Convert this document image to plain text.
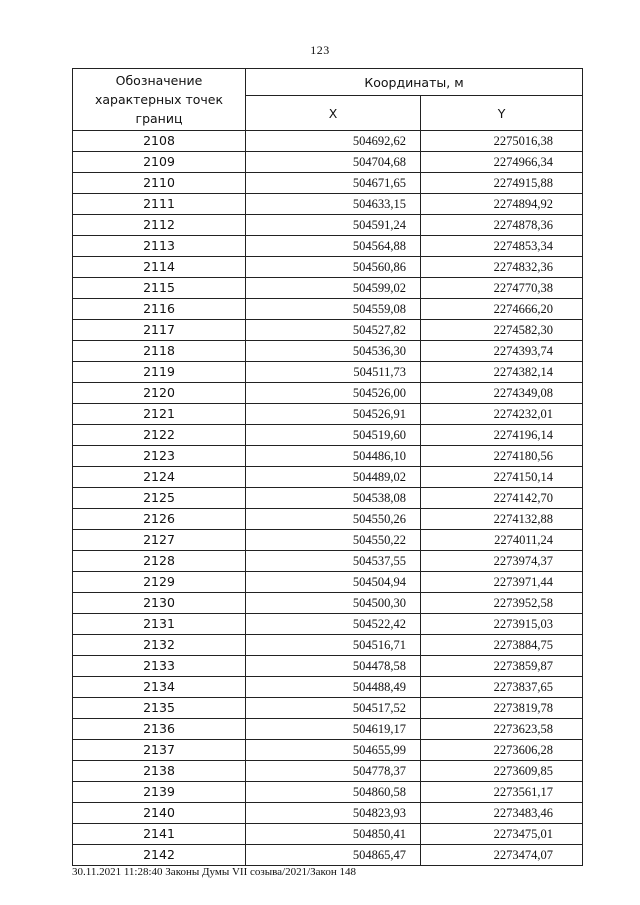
123
Обозначение характерных точек границ	Координаты, м	
	X	Y
2108	504692,62	2275016,38
2109	504704,68	2274966,34
2110	504671,65	2274915,88
2111	504633,15	2274894,92
2112	504591,24	2274878,36
2113	504564,88	2274853,34
2114	504560,86	2274832,36
2115	504599,02	2274770,38
2116	504559,08	2274666,20
2117	504527,82	2274582,30
2118	504536,30	2274393,74
2119	504511,73	2274382,14
2120	504526,00	2274349,08
2121	504526,91	2274232,01
2122	504519,60	2274196,14
2123	504486,10	2274180,56
2124	504489,02	2274150,14
2125	504538,08	2274142,70
2126	504550,26	2274132,88
2127	504550,22	2274011,24
2128	504537,55	2273974,37
2129	504504,94	2273971,44
2130	504500,30	2273952,58
2131	504522,42	2273915,03
2132	504516,71	2273884,75
2133	504478,58	2273859,87
2134	504488,49	2273837,65
2135	504517,52	2273819,78
2136	504619,17	2273623,58
2137	504655,99	2273606,28
2138	504778,37	2273609,85
2139	504860,58	2273561,17
2140	504823,93	2273483,46
2141	504850,41	2273475,01
2142	504865,47	2273474,07
30.11.2021 11:28:40 Законы Думы VII созыва/2021/Закон 148
